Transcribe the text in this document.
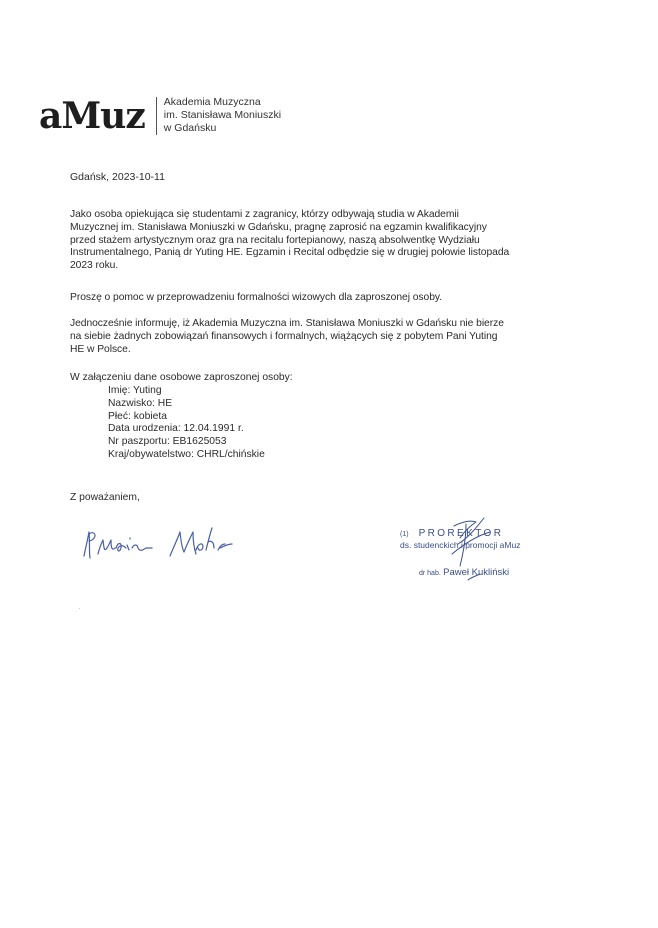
aMuz Akademia Muzyczna
im. Stanisława Moniuszki
w Gdańsku
Gdańsk, 2023-10-11
Jako osoba opiekująca się studentami z zagranicy, którzy odbywają studia w Akademii
Muzycznej im. Stanisława Moniuszki w Gdańsku, pragnę zaprosić na egzamin kwalifikacyjny
przed stażem artystycznym oraz gra na recitalu fortepianowy, naszą absolwentkę Wydziału
Instrumentalnego, Panią dr Yuting HE. Egzamin i Recital odbędzie się w drugiej połowie listopada
2023 roku.
Proszę o pomoc w przeprowadzeniu formalności wizowych dla zaproszonej osoby.
Jednocześnie informuję, iż Akademia Muzyczna im. Stanisława Moniuszki w Gdańsku nie bierze
na siebie żadnych zobowiązań finansowych i formalnych, wiążących się z pobytem Pani Yuting
HE w Polsce.
W załączeniu dane osobowe zaproszonej osoby:
Imię: Yuting
Nazwisko: HE
Płeć: kobieta
Data urodzenia: 12.04.1991 r.
Nr paszportu: EB1625053
Kraj/obywatelstwo: CHRL/chińskie
Z poważaniem,
(1) PROREKTOR
ds. studenckich i promocji aMuz
dr hab. Paweł Kukliński
